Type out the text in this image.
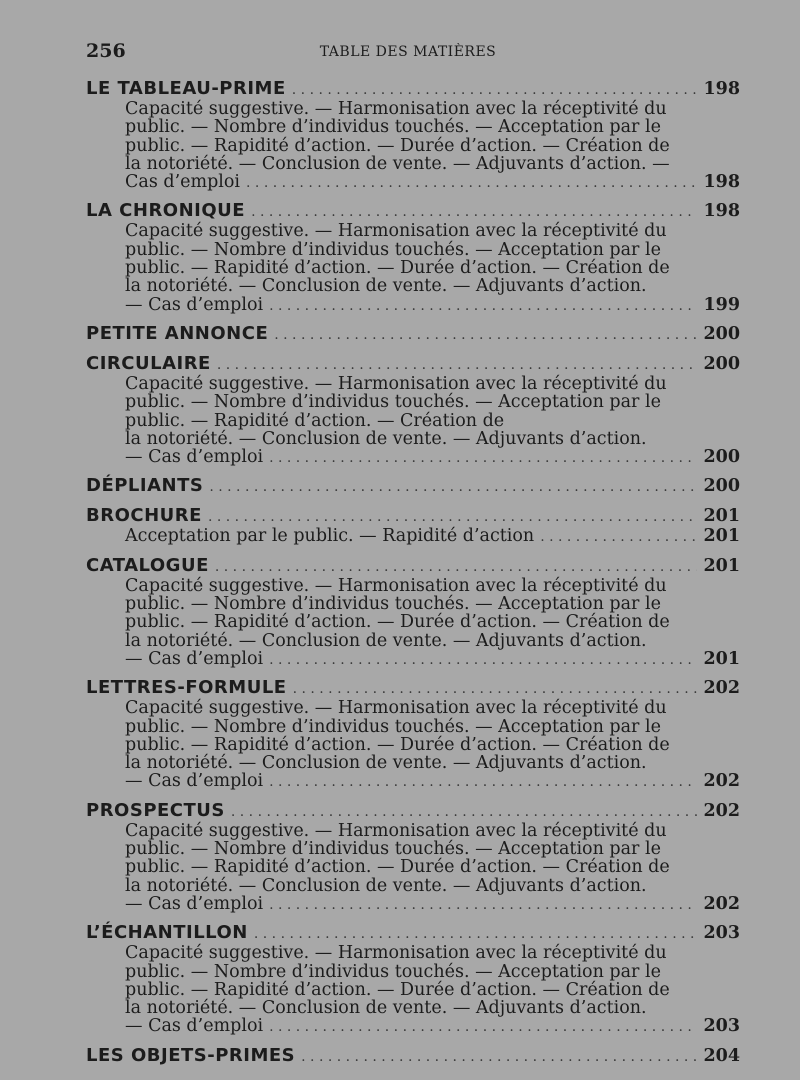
256	TABLE DES MATIÈRES
LE TABLEAU-PRIME . . .	198
Capacité suggestive. — Harmonisation avec la réceptivité du
public. — Nombre d’individus touchés. — Acceptation par le
public. — Rapidité d’action. — Durée d’action. — Création de
la notoriété. — Conclusion de vente. — Adjuvants d’action. —
Cas d’emploi . . .	198
LA CHRONIQUE . . .	198
Capacité suggestive. — Harmonisation avec la réceptivité du
public. — Nombre d’individus touchés. — Acceptation par le
public. — Rapidité d’action. — Durée d’action. — Création de
la notoriété. — Conclusion de vente. — Adjuvants d’action.
— Cas d’emploi . . .	199
PETITE ANNONCE . . .	200
CIRCULAIRE . . .	200
Capacité suggestive. — Harmonisation avec la réceptivité du
public. — Nombre d’individus touchés. — Acceptation par le
public. — Rapidité d’action. — Création de
la notoriété. — Conclusion de vente. — Adjuvants d’action.
— Cas d’emploi . . .	200
DÉPLIANTS . . .	200
BROCHURE . . .	201
Acceptation par le public. — Rapidité d’action . . .	201
CATALOGUE . . .	201
Capacité suggestive. — Harmonisation avec la réceptivité du
public. — Nombre d’individus touchés. — Acceptation par le
public. — Rapidité d’action. — Durée d’action. — Création de
la notoriété. — Conclusion de vente. — Adjuvants d’action.
— Cas d’emploi . . .	201
LETTRES-FORMULE . . .	202
Capacité suggestive. — Harmonisation avec la réceptivité du
public. — Nombre d’individus touchés. — Acceptation par le
public. — Rapidité d’action. — Durée d’action. — Création de
la notoriété. — Conclusion de vente. — Adjuvants d’action.
— Cas d’emploi . . .	202
PROSPECTUS . . .	202
Capacité suggestive. — Harmonisation avec la réceptivité du
public. — Nombre d’individus touchés. — Acceptation par le
public. — Rapidité d’action. — Durée d’action. — Création de
la notoriété. — Conclusion de vente. — Adjuvants d’action.
— Cas d’emploi . . .	202
L’ÉCHANTILLON . . .	203
Capacité suggestive. — Harmonisation avec la réceptivité du
public. — Nombre d’individus touchés. — Acceptation par le
public. — Rapidité d’action. — Durée d’action. — Création de
la notoriété. — Conclusion de vente. — Adjuvants d’action.
— Cas d’emploi . . .	203
LES OBJETS-PRIMES . . .	204
